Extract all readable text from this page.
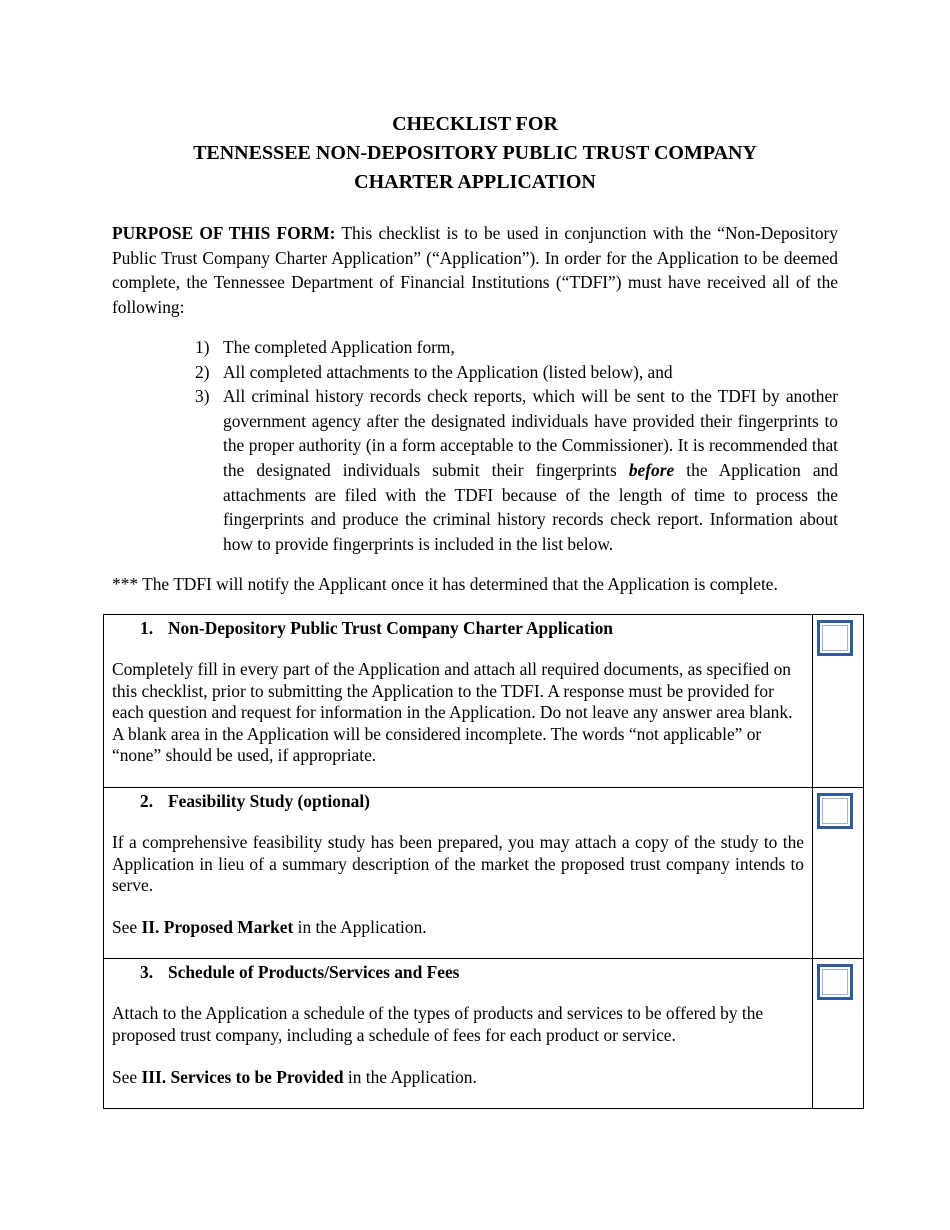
CHECKLIST FOR
TENNESSEE NON-DEPOSITORY PUBLIC TRUST COMPANY
CHARTER APPLICATION

PURPOSE OF THIS FORM: This checklist is to be used in conjunction with the “Non-Depository Public Trust Company Charter Application” (“Application”). In order for the Application to be deemed complete, the Tennessee Department of Financial Institutions (“TDFI”) must have received all of the following:

1) The completed Application form,
2) All completed attachments to the Application (listed below), and
3) All criminal history records check reports, which will be sent to the TDFI by another government agency after the designated individuals have provided their fingerprints to the proper authority (in a form acceptable to the Commissioner). It is recommended that the designated individuals submit their fingerprints before the Application and attachments are filed with the TDFI because of the length of time to process the fingerprints and produce the criminal history records check report. Information about how to provide fingerprints is included in the list below.

*** The TDFI will notify the Applicant once it has determined that the Application is complete.

1. Non-Depository Public Trust Company Charter Application
Completely fill in every part of the Application and attach all required documents, as specified on this checklist, prior to submitting the Application to the TDFI. A response must be provided for each question and request for information in the Application. Do not leave any answer area blank. A blank area in the Application will be considered incomplete. The words “not applicable” or “none” should be used, if appropriate.	

2. Feasibility Study (optional)
If a comprehensive feasibility study has been prepared, you may attach a copy of the study to the Application in lieu of a summary description of the market the proposed trust company intends to serve.
See II. Proposed Market in the Application.	

3. Schedule of Products/Services and Fees
Attach to the Application a schedule of the types of products and services to be offered by the proposed trust company, including a schedule of fees for each product or service.
See III. Services to be Provided in the Application.	
